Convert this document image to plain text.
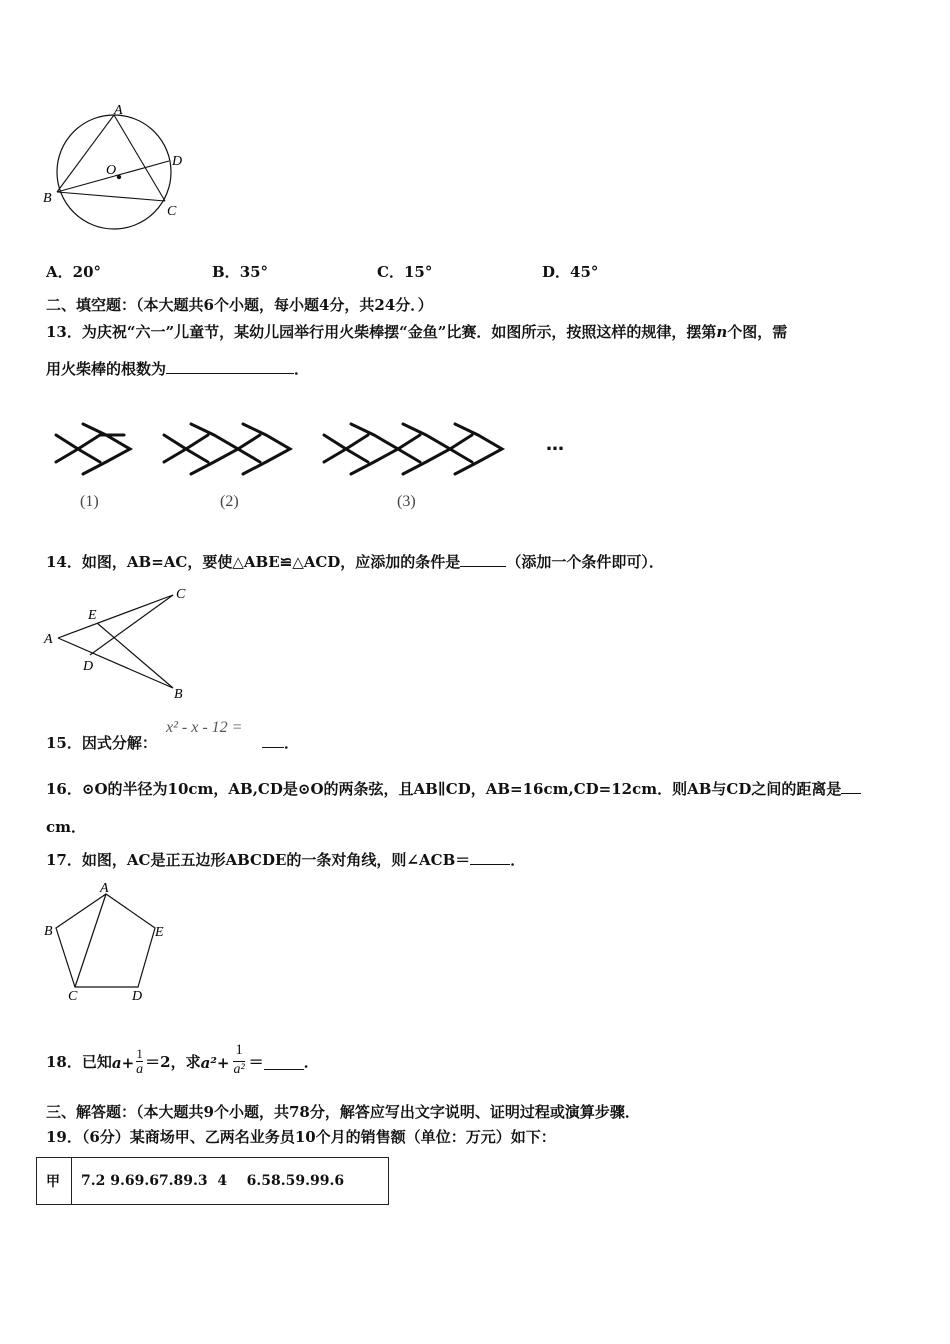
A
B
C
D
O
A．20°	B．35°	C．15°	D．45°
二、填空题：（本大题共6个小题，每小题4分，共24分．）
13．为庆祝“六一”儿童节，某幼儿园举行用火柴棒摆“金鱼”比赛．如图所示，按照这样的规律，摆第n个图，需
用火柴棒的根数为	．
(1)	(2)	(3)
…
14．如图，AB=AC，要使△ABE≌△ACD，应添加的条件是	（添加一个条件即可）．
A
B
C
D
E
15．因式分解：
x² - x - 12 =
．
16．⊙O的半径为10cm，AB,CD是⊙O的两条弦，且AB∥CD，AB=16cm,CD=12cm．则AB与CD之间的距离是
cm．
17．如图，AC是正五边形ABCDE的一条对角线，则∠ACB＝	．
A
B
C	D
E
18．已知 $a+ \frac{1}{a} =2$，求 $a^2+ \frac{1}{\text{a²}}$ ＝	．
三、解答题：（本大题共9个小题，共78分，解答应写出文字说明、证明过程或演算步骤．
19．（6分）某商场甲、乙两名业务员10个月的销售额（单位：万元）如下：
甲	7.2 9.69.67.89.3  4    6.58.59.99.6
